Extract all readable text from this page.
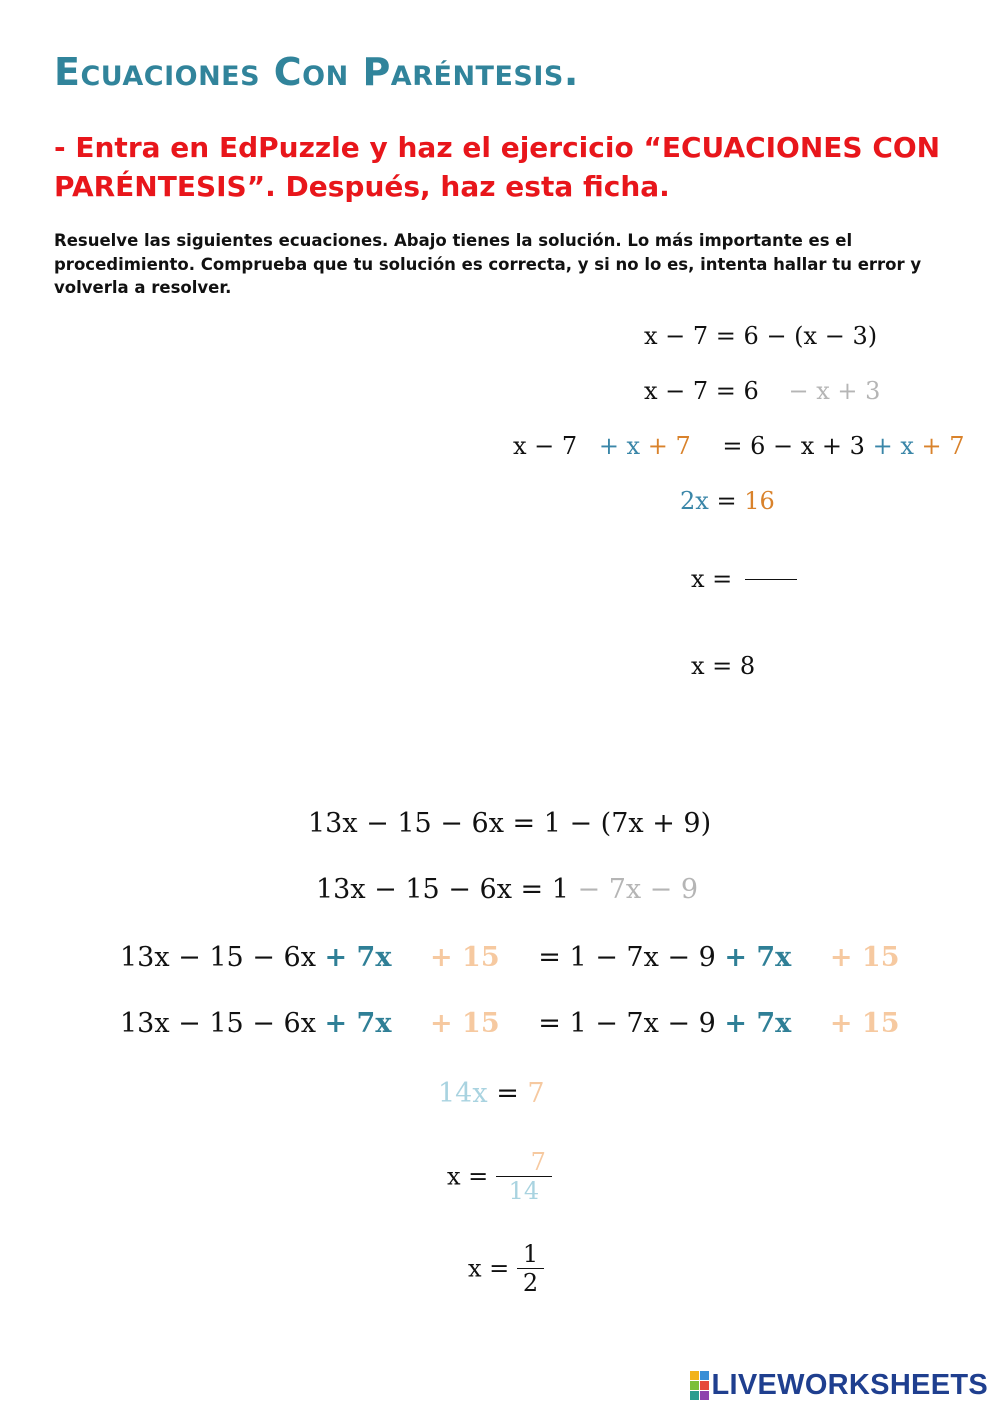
Ecuaciones Con Paréntesis.

- Entra en EdPuzzle y haz el ejercicio “ECUACIONES CON PARÉNTESIS”. Después, haz esta ficha.

Resuelve las siguientes ecuaciones. Abajo tienes la solución. Lo más importante es el procedimiento. Comprueba que tu solución es correcta, y si no lo es, intenta hallar tu error y volverla a resolver.

x − 7 = 6 − (x − 3)
x − 7 = 6 − x + 3
x − 7 + x + 7 = 6 − x + 3 + x + 7
2x = 16
x =
x = 8
13x − 15 − 6x = 1 − (7x + 9)
13x − 15 − 6x = 1 − 7x − 9
13x − 15 − 6x + 7x + 15 = 1 − 7x − 9 + 7x + 15
13x − 15 − 6x + 7x + 15 = 1 − 7x − 9 + 7x + 15
14x = 7
$x = \frac{7}{14}$
$x = \frac{1}{2}$
LIVEWORKSHEETS
